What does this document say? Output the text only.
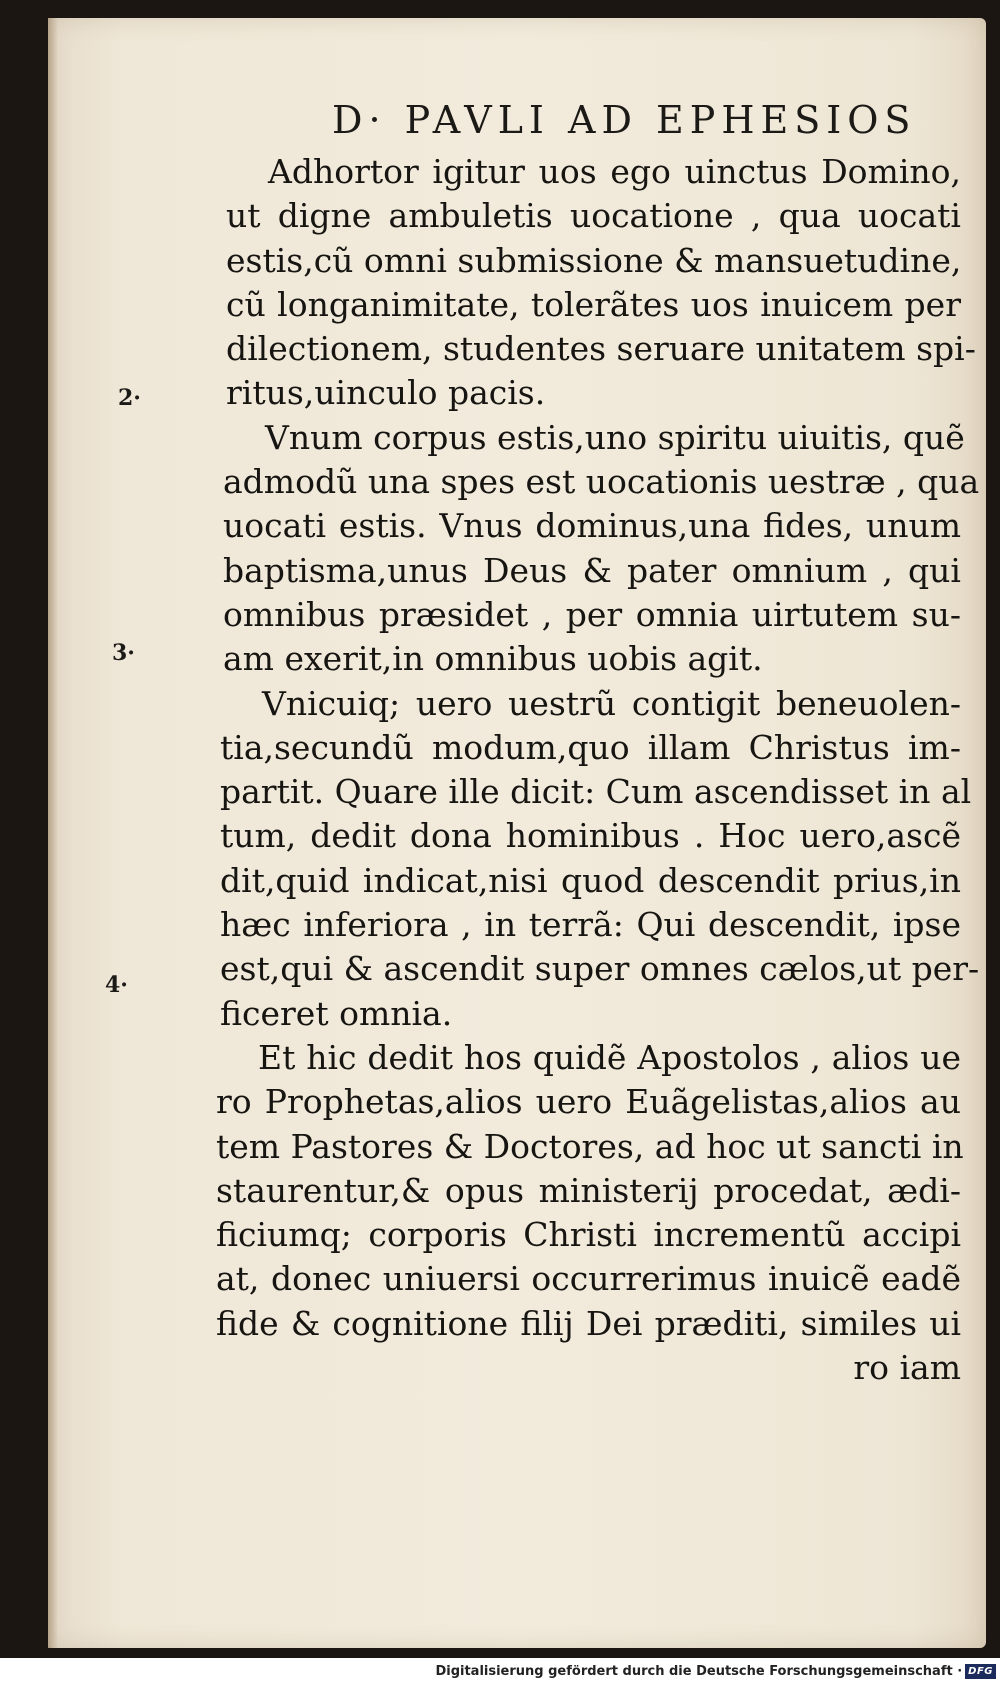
D· PAVLI AD EPHESIOS
2·
3·
4·
Adhortor igitur uos ego uinctus Domino,
ut digne ambuletis uocatione , qua uocati
estis,cũ omni submissione & mansuetudine,
cũ longanimitate, tolerãtes uos inuicem per
dilectionem, studentes seruare unitatem spi-
ritus,uinculo pacis.
Vnum corpus estis,uno spiritu uiuitis, quẽ
admodũ una spes est uocationis uestræ , qua
uocati estis. Vnus dominus,una fides, unum
baptisma,unus Deus & pater omnium , qui
omnibus præsidet , per omnia uirtutem su-
am exerit,in omnibus uobis agit.
Vnicuiq; uero uestrũ contigit beneuolen-
tia,secundũ modum,quo illam Christus im-
partit. Quare ille dicit: Cum ascendisset in al
tum, dedit dona hominibus . Hoc uero,ascẽ
dit,quid indicat,nisi quod descendit prius,in
hæc inferiora , in terrã: Qui descendit, ipse
est,qui & ascendit super omnes cælos,ut per-
ficeret omnia.
Et hic dedit hos quidẽ Apostolos , alios ue
ro Prophetas,alios uero Euãgelistas,alios au
tem Pastores & Doctores, ad hoc ut sancti in
staurentur,& opus ministerij procedat, ædi-
ficiumq; corporis Christi incrementũ accipi
at, donec uniuersi occurrerimus inuicẽ eadẽ
fide & cognitione filij Dei præditi, similes ui
ro iam
Digitalisierung gefördert durch die Deutsche Forschungsgemeinschaft · DFG
